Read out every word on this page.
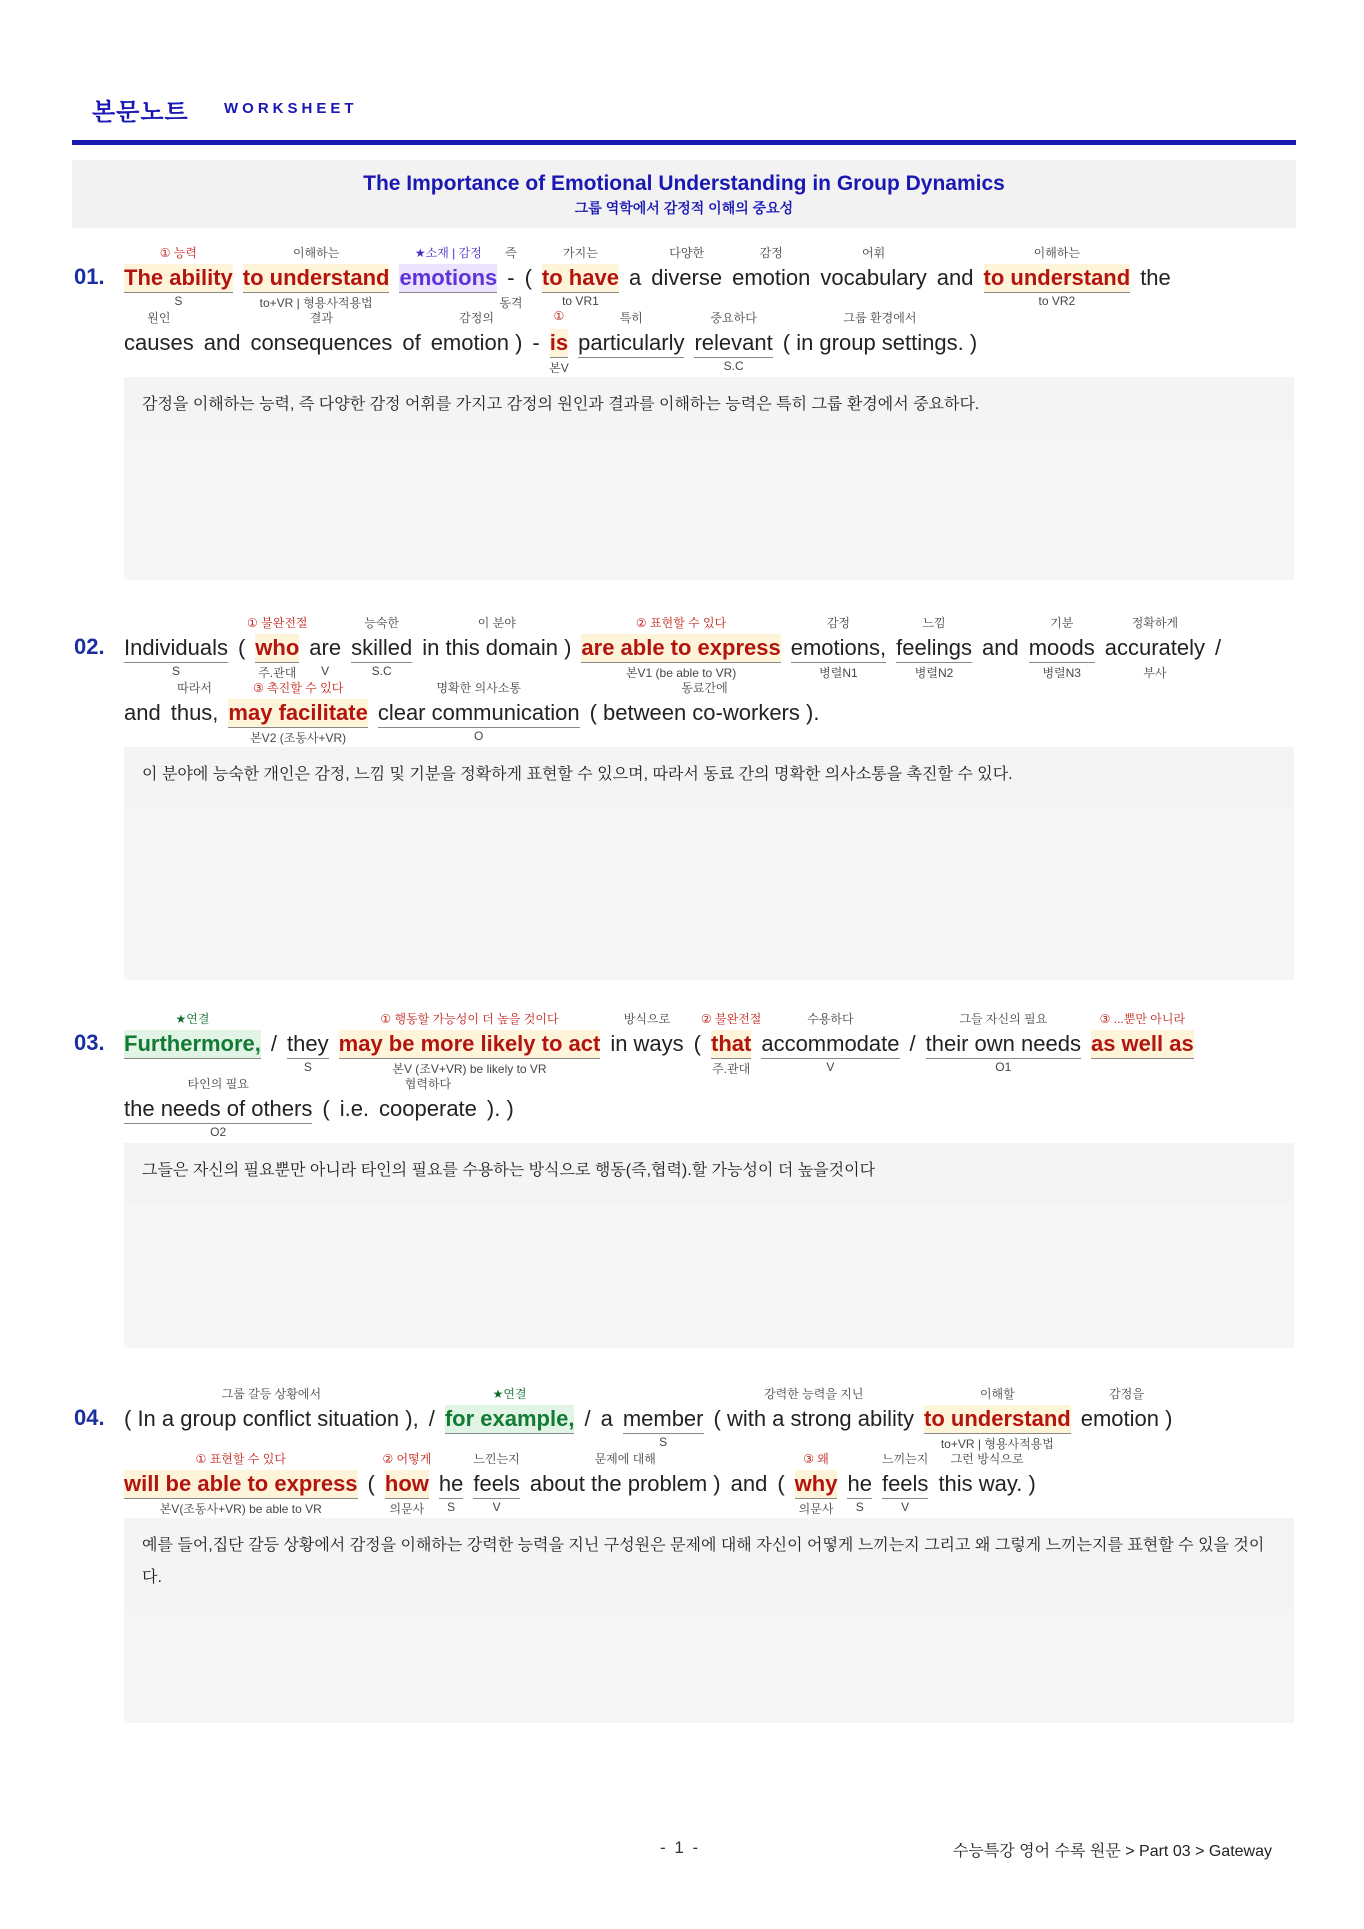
본문노트 WORKSHEET
The Importance of Emotional Understanding in Group Dynamics
그룹 역학에서 감정적 이해의 중요성
01.
① 능력
The ability
S
이해하는
to understand
to+VR | 형용사적용법
★소재 | 감정
emotions
즉
-
동격
(
가지는
to have
to VR1
a
다양한
diverse
감정
emotion
어휘
vocabulary and
이해하는
to understand
to VR2
the
원인
causes and
결과
consequences of
감정의
emotion ) -
①
is
본V
특히
particularly
중요하다
relevant
S.C
그룹 환경에서
( in group settings. )
감정을 이해하는 능력, 즉 다양한 감정 어휘를 가지고 감정의 원인과 결과를 이해하는 능력은 특히 그룹 환경에서 중요하다.
02. Individuals
S
(
① 불완전절
who
주.관대
are
V
능숙한
skilled
S.C
이 분야
in this domain )
② 표현할 수 있다
are able to express
본V1 (be able to VR)
감정
emotions,
병렬N1
느낌
feelings
병렬N2
and
기분
moods
병렬N3
정확하게
accurately
부사
/
and
따라서
thus,
③ 촉진할 수 있다
may facilitate
본V2 (조동사+VR)
명확한 의사소통
clear communication
O
동료간에
( between co-workers ).
이 분야에 능숙한 개인은 감정, 느낌 및 기분을 정확하게 표현할 수 있으며, 따라서 동료 간의 명확한 의사소통을 촉진할 수 있다.
03.
★연결
Furthermore, / they
S
① 행동할 가능성이 더 높을 것이다
may be more likely to act
본V (조V+VR) be likely to VR
방식으로
in ways (
② 불완전절
that
주.관대
수용하다
accommodate
V
/
그들 자신의 필요
their own needs
O1
③ ...뿐만 아니라
as well as
타인의 필요
the needs of others
O2
( i.e.
협력하다
cooperate ). )
그들은 자신의 필요뿐만 아니라 타인의 필요를 수용하는 방식으로 행동(즉,협력).할 가능성이 더 높을것이다
04.
그룹 갈등 상황에서
( In a group conflict situation ), /
★연결
for example, / a member
S
강력한 능력을 지닌
( with a strong ability
이해할
to understand
to+VR | 형용사적용법
감정을
emotion )
① 표현할 수 있다
will be able to express
본V(조동사+VR) be able to VR
(
② 어떻게
how
의문사
he
S
느낀는지
feels
V
문제에 대해
about the problem ) and (
③ 왜
why
의문사
he
S
느끼는지
feels
V
그런 방식으로
this way. )
예를 들어,집단 갈등 상황에서 감정을 이해하는 강력한 능력을 지닌 구성원은 문제에 대해 자신이 어떻게 느끼는지 그리고 왜 그렇게 느끼는지를 표현할 수 있을 것이다.
- 1 -	수능특강 영어 수록 원문 > Part 03 > Gateway
